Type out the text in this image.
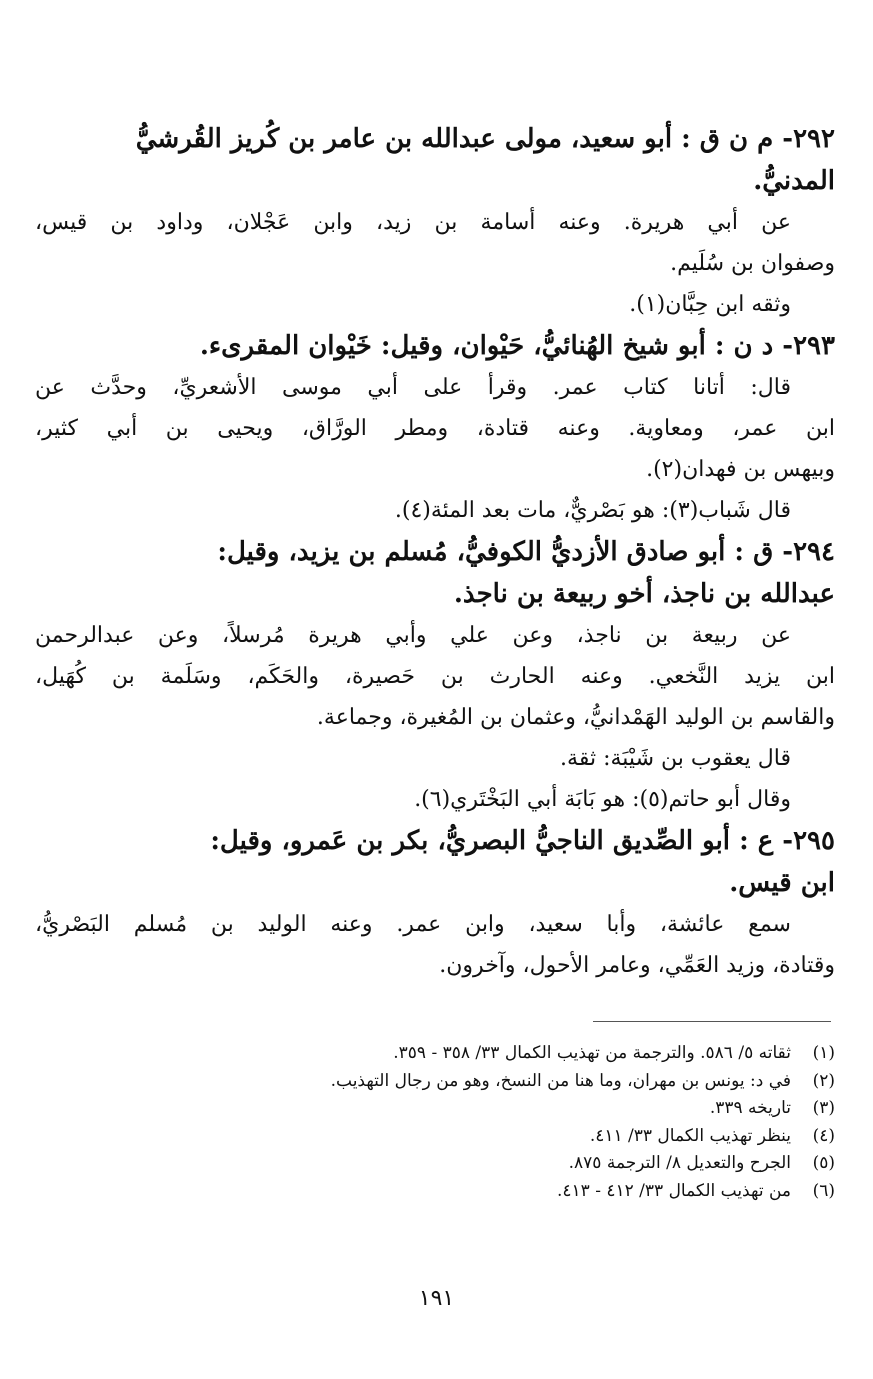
٢٩٢- م ن ق : أبو سعيد، مولى عبدالله بن عامر بن كُريز القُرشيُّ
المدنيُّ.

عن أبي هريرة. وعنه أسامة بن زيد، وابن عَجْلان، وداود بن قيس،

وصفوان بن سُلَيم.

وثقه ابن حِبَّان(١).

٢٩٣- د ن : أبو شيخ الهُنائيُّ، حَيْوان، وقيل: خَيْوان المقرىء.

قال: أتانا كتاب عمر. وقرأ على أبي موسى الأشعريِّ، وحدَّث عن

ابن عمر، ومعاوية. وعنه قتادة، ومطر الورَّاق، ويحيى بن أبي كثير،

وبيهس بن فهدان(٢).

قال شَباب(٣): هو بَصْريٌّ، مات بعد المئة(٤).

٢٩٤- ق : أبو صادق الأزديُّ الكوفيُّ، مُسلم بن يزيد، وقيل:
عبدالله بن ناجذ، أخو ربيعة بن ناجذ.

عن ربيعة بن ناجذ، وعن علي وأبي هريرة مُرسلاً، وعن عبدالرحمن

ابن يزيد النَّخعي. وعنه الحارث بن حَصيرة، والحَكَم، وسَلَمة بن كُهَيل،

والقاسم بن الوليد الهَمْدانيُّ، وعثمان بن المُغيرة، وجماعة.

قال يعقوب بن شَيْبَة: ثقة.

وقال أبو حاتم(٥): هو بَابَة أبي البَخْتَري(٦).

٢٩٥- ع : أبو الصِّديق الناجيُّ البصريُّ، بكر بن عَمرو، وقيل:
ابن قيس.

سمع عائشة، وأبا سعيد، وابن عمر. وعنه الوليد بن مُسلم البَصْريُّ،

وقتادة، وزيد العَمِّي، وعامر الأحول، وآخرون.

(١)ثقاته ٥/ ٥٨٦. والترجمة من تهذيب الكمال ٣٣/ ٣٥٨ - ٣٥٩.

(٢)في د: يونس بن مهران، وما هنا من النسخ، وهو من رجال التهذيب.

(٣)تاريخه ٣٣٩.

(٤)ينظر تهذيب الكمال ٣٣/ ٤١١.

(٥)الجرح والتعديل ٨/ الترجمة ٨٧٥.

(٦)من تهذيب الكمال ٣٣/ ٤١٢ - ٤١٣.

١٩١
